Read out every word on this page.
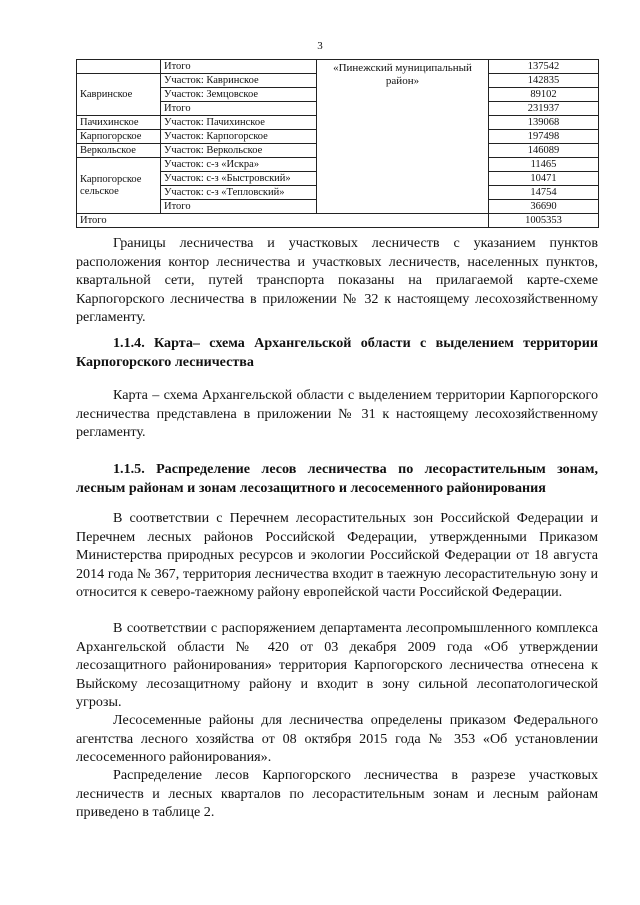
3
	Итого	«Пинежский муниципальный район»	137542
Кавринское	Участок: Кавринское		142835
	Участок: Земцовское		89102
	Итого		231937
Пачихинское	Участок: Пачихинское		139068
Карпогорское	Участок: Карпогорское		197498
Веркольское	Участок: Веркольское		146089
Карпогорское сельское	Участок: с-з «Искра»		11465
	Участок: с-з «Быстровский»		10471
	Участок: с-з «Тепловский»		14754
	Итого		36690
Итого			1005353

Границы лесничества и участковых лесничеств с указанием пунктов расположения контор лесничества и участковых лесничеств, населенных пунктов, квартальной сети, путей транспорта показаны на прилагаемой карте-схеме Карпогорского лесничества в приложении № 32 к настоящему лесохозяйственному регламенту.

1.1.4. Карта– схема Архангельской области с выделением территории Карпогорского лесничества

Карта – схема Архангельской области с выделением территории Карпогорского лесничества представлена в приложении № 31 к настоящему лесохозяйственному регламенту.

1.1.5. Распределение лесов лесничества по лесорастительным зонам, лесным районам и зонам лесозащитного и лесосеменного районирования

В соответствии с Перечнем лесорастительных зон Российской Федерации и Перечнем лесных районов Российской Федерации, утвержденными Приказом Министерства природных ресурсов и экологии Российской Федерации от 18 августа 2014 года № 367, территория лесничества входит в таежную лесорастительную зону и относится к северо-таежному району европейской части Российской Федерации.

В соответствии с распоряжением департамента лесопромышленного комплекса Архангельской области № 420 от 03 декабря 2009 года «Об утверждении лесозащитного районирования» территория Карпогорского лесничества отнесена к Выйскому лесозащитному району и входит в зону сильной лесопатологической угрозы.

Лесосеменные районы для лесничества определены приказом Федерального агентства лесного хозяйства от 08 октября 2015 года № 353 «Об установлении лесосеменного районирования».

Распределение лесов Карпогорского лесничества в разрезе участковых лесничеств и лесных кварталов по лесорастительным зонам и лесным районам приведено в таблице 2.
